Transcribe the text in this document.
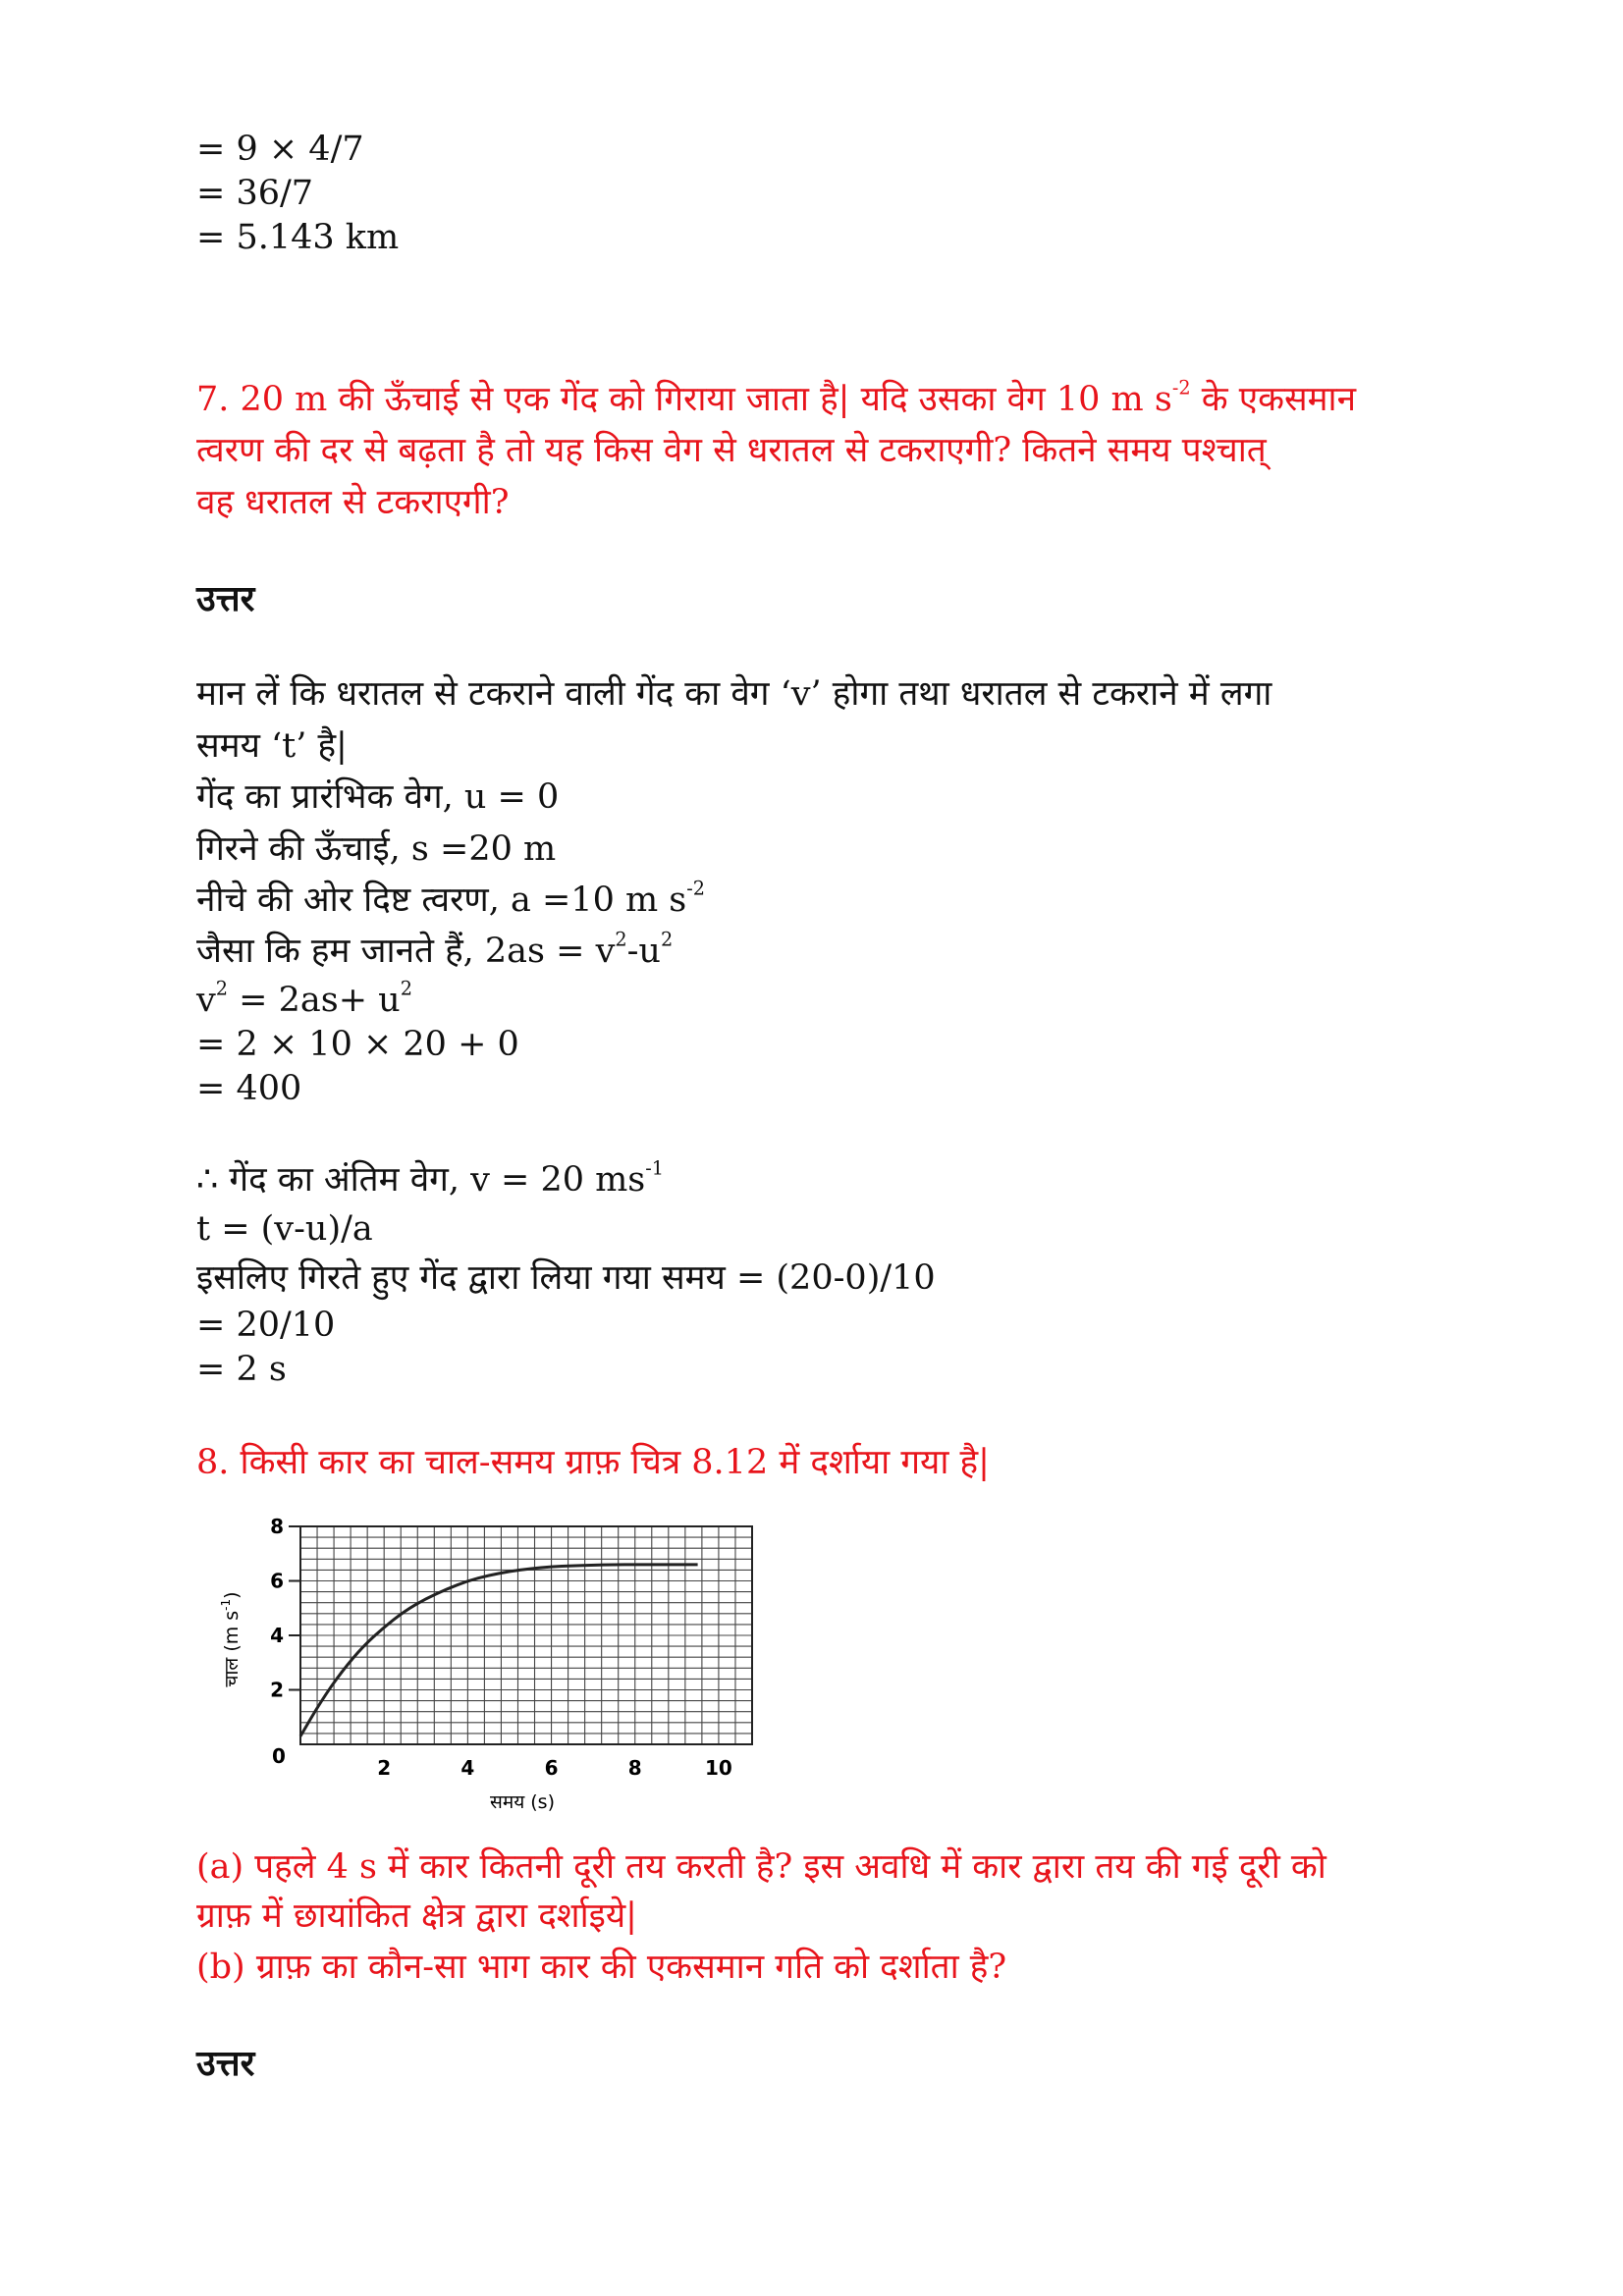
= 9 × 4/7
= 36/7
= 5.143 km
7. 20 m की ऊँचाई से एक गेंद को गिराया जाता है| यदि उसका वेग 10 m $s^{-2}$ के एकसमान
त्वरण की दर से बढ़ता है तो यह किस वेग से धरातल से टकराएगी? कितने समय पश्चात्
वह धरातल से टकराएगी?
उत्तर
मान लें कि धरातल से टकराने वाली गेंद का वेग ‘v’ होगा तथा धरातल से टकराने में लगा
समय ‘t’ है|
गेंद का प्रारंभिक वेग, u = 0
गिरने की ऊँचाई, s =20 m
नीचे की ओर दिष्ट त्वरण, a =10 m $s^{-2}$
जैसा कि हम जानते हैं, $2as = v^2-u^2$
$v^2 = 2as+ u^2$
= 2 × 10 × 20 + 0
= 400
∴ गेंद का अंतिम वेग, v = 20 $ms^{-1}$
t = (v-u)/a
इसलिए गिरते हुए गेंद द्वारा लिया गया समय = (20-0)/10
= 20/10
= 2 s
8. किसी कार का चाल-समय ग्राफ़ चित्र 8.12 में दर्शाया गया है|
2
4
6
8
2	4	6	8	10
0
समय (s)
चाल (m $s^{-1}$)
(a) पहले 4 s में कार कितनी दूरी तय करती है? इस अवधि में कार द्वारा तय की गई दूरी को
ग्राफ़ में छायांकित क्षेत्र द्वारा दर्शाइये|
(b) ग्राफ़ का कौन-सा भाग कार की एकसमान गति को दर्शाता है?
उत्तर
